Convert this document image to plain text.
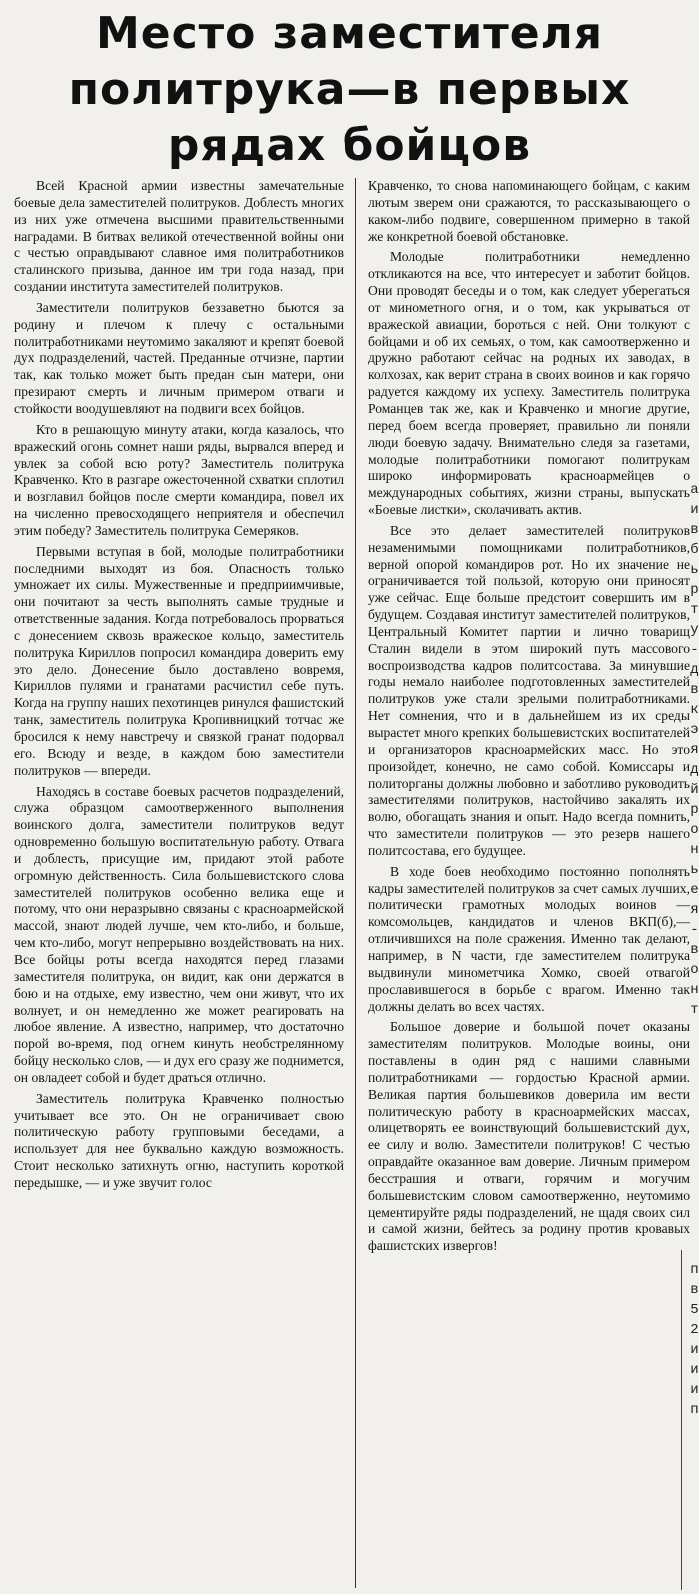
Место заместителя
политрука—в первых
рядах бойцов

Всей Красной армии известны замечательные боевые дела заместителей политруков. Доблесть многих из них уже отмечена высшими правительственными наградами. В битвах великой отечественной войны они с честью оправдывают славное имя политработников сталинского призыва, данное им три года назад, при создании института заместителей политруков.

Заместители политруков беззаветно бьются за родину и плечом к плечу с остальными политработниками неутомимо закаляют и крепят боевой дух подразделений, частей. Преданные отчизне, партии так, как только может быть предан сын матери, они презирают смерть и личным примером отваги и стойкости воодушевляют на подвиги всех бойцов.

Кто в решающую минуту атаки, когда казалось, что вражеский огонь сомнет наши ряды, вырвался вперед и увлек за собой всю роту? Заместитель политрука Кравченко. Кто в разгаре ожесточенной схватки сплотил и возглавил бойцов после смерти командира, повел их на численно превосходящего неприятеля и обеспечил этим победу? Заместитель политрука Семеряков.

Первыми вступая в бой, молодые политработники последними выходят из боя. Опасность только умножает их силы. Мужественные и предприимчивые, они почитают за честь выполнять самые трудные и ответственные задания. Когда потребовалось прорваться с донесением сквозь вражеское кольцо, заместитель политрука Кириллов попросил командира доверить ему это дело. Донесение было доставлено вовремя, Кириллов пулями и гранатами расчистил себе путь. Когда на группу наших пехотинцев ринулся фашистский танк, заместитель политрука Кропивницкий тотчас же бросился к нему навстречу и связкой гранат подорвал его. Всюду и везде, в каждом бою заместители политруков — впереди.

Находясь в составе боевых расчетов подразделений, служа образцом самоотверженного выполнения воинского долга, заместители политруков ведут одновременно большую воспитательную работу. Отвага и доблесть, присущие им, придают этой работе огромную действенность. Сила большевистского слова заместителей политруков особенно велика еще и потому, что они неразрывно связаны с красноармейской массой, знают людей лучше, чем кто-либо, и больше, чем кто-либо, могут непрерывно воздействовать на них. Все бойцы роты всегда находятся перед глазами заместителя политрука, он видит, как они держатся в бою и на отдыхе, ему известно, чем они живут, что их волнует, и он немедленно же может реагировать на любое явление. А известно, например, что достаточно порой во-время, под огнем кинуть необстрелянному бойцу несколько слов, — и дух его сразу же поднимется, он овладеет собой и будет драться отлично.

Заместитель политрука Кравченко полностью учитывает все это. Он не ограничивает свою политическую работу групповыми беседами, а использует для нее буквально каждую возможность. Стоит несколько затихнуть огню, наступить короткой передышке, — и уже звучит голос

Кравченко, то снова напоминающего бойцам, с каким лютым зверем они сражаются, то рассказывающего о каком-либо подвиге, совершенном примерно в такой же конкретной боевой обстановке.

Молодые политработники немедленно откликаются на все, что интересует и заботит бойцов. Они проводят беседы и о том, как следует уберегаться от минометного огня, и о том, как укрываться от вражеской авиации, бороться с ней. Они толкуют с бойцами и об их семьях, о том, как самоотверженно и дружно работают сейчас на родных их заводах, в колхозах, как верит страна в своих воинов и как горячо радуется каждому их успеху. Заместитель политрука Романцев так же, как и Кравченко и многие другие, перед боем всегда проверяет, правильно ли поняли люди боевую задачу. Внимательно следя за газетами, молодые политработники помогают политрукам широко информировать красноармейцев о международных событиях, жизни страны, выпускать «Боевые листки», сколачивать актив.

Все это делает заместителей политруков незаменимыми помощниками политработников, верной опорой командиров рот. Но их значение не ограничивается той пользой, которую они приносят уже сейчас. Еще больше предстоит совершить им в будущем. Создавая институт заместителей политруков, Центральный Комитет партии и лично товарищ Сталин видели в этом широкий путь массового воспроизводства кадров политсостава. За минувшие годы немало наиболее подготовленных заместителей политруков уже стали зрелыми политработниками. Нет сомнения, что и в дальнейшем из их среды вырастет много крепких большевистских воспитателей и организаторов красноармейских масс. Но это произойдет, конечно, не само собой. Комиссары и политорганы должны любовно и заботливо руководить заместителями политруков, настойчиво закалять их волю, обогащать знания и опыт. Надо всегда помнить, что заместители политруков — это резерв нашего политсостава, его будущее.

В ходе боев необходимо постоянно пополнять кадры заместителей политруков за счет самых лучших, политически грамотных молодых воинов — комсомольцев, кандидатов и членов ВКП(б),— отличившихся на поле сражения. Именно так делают, например, в N части, где заместителем политрука выдвинули минометчика Хомко, своей отвагой прославившегося в борьбе с врагом. Именно так должны делать во всех частях.

Большое доверие и большой почет оказаны заместителям политруков. Молодые воины, они поставлены в один ряд с нашими славными политработниками — гордостью Красной армии. Великая партия большевиков доверила им вести политическую работу в красноармейских массах, олицетворять ее воинствующий большевистский дух, ее силу и волю. Заместители политруков! С честью оправдайте оказанное вам доверие. Личным примером бесстрашия и отваги, горячим и могучим большевистским словом самоотверженно, неутомимо цементируйте ряды подразделений, не щадя своих сил и самой жизни, бейтесь за родину против кровавых фашистских извергов!

а
и
в
б
ь
р
т
у
-
д
в
к
э
я
д
й
р
о
н
ь
е
я
-
в
о
н
т
п
в
5
2
и
и
и
п
